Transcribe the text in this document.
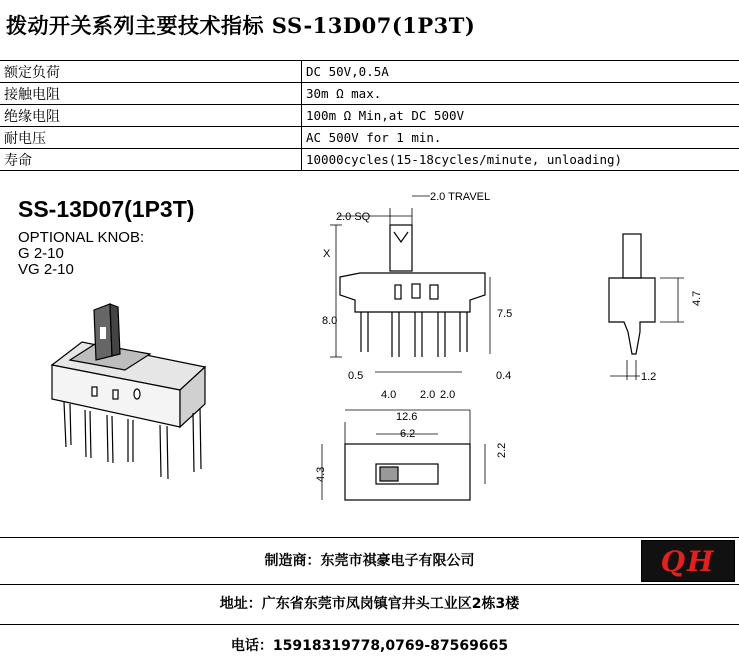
拨动开关系列主要技术指标 SS-13D07(1P3T)
额定负荷	DC 50V,0.5A
接触电阻	30m Ω max.
绝缘电阻	100m Ω Min,at DC 500V
耐电压	AC 500V for 1 min.
寿命	10000cycles(15-18cycles/minute, unloading)
SS-13D07(1P3T)
OPTIONAL KNOB:
G 2-10
VG 2-10
2.0 TRAVEL
2.0 SQ
X
8.0
7.5
0.5	0.4
4.0 2.0 2.0
12.6
6.2
4.3
2.2
4.7
1.2
制造商：东莞市祺豪电子有限公司	QH
地址：广东省东莞市凤岗镇官井头工业区2栋3楼
电话：15918319778,0769-87569665
